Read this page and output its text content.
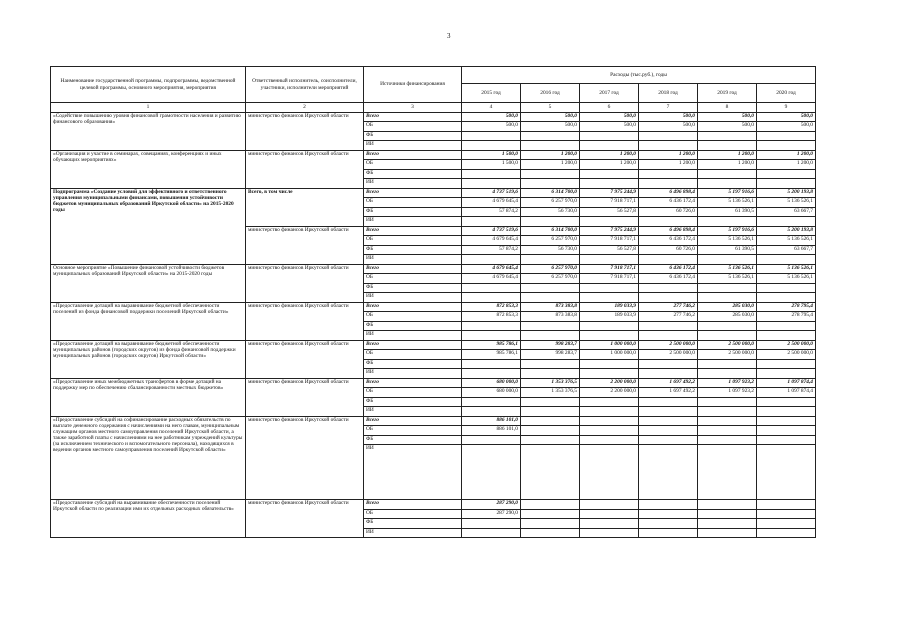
3
Наименование государственной программы, подпрограммы, ведомственной целевой программы, основного мероприятия, мероприятия	Ответственный исполнитель, соисполнители, участники, исполнители мероприятий	Источники финансирования	Расходы (тыс.руб.), годы					
			2015 год	2016 год	2017 год	2018 год	2019 год	2020 год
1	2	3	4	5	6	7	8	9
«Содействие повышению уровня финансовой грамотности населения и развитию финансового образования»	министерство финансов Иркутской области	Всего	500,0	500,0	500,0	500,0	500,0	500,0
		ОБ	500,0	500,0	500,0	500,0	500,0	500,0
		ФБ						
		ИИ						
«Организация и участие в семинарах, совещаниях, конференциях и иных обучающих мероприятиях»	министерство финансов Иркутской области	Всего	1 500,0	1 200,0	1 200,0	1 200,0	1 200,0	1 200,0
		ОБ	1 500,0	1 200,0	1 200,0	1 200,0	1 200,0	1 200,0
		ФБ						
		ИИ						
Подпрограмма «Создание условий для эффективного и ответственного управления муниципальными финансами, повышения устойчивости бюджетов муниципальных образований Иркутской области» на 2015-2020 годы	Всего, в том числе	Всего	4 737 519,6	6 314 700,0	7 975 244,9	6 496 898,4	5 197 916,6	5 200 193,8
		ОБ	4 679 645,4	6 257 970,0	7 918 717,1	6 436 172,4	5 136 526,1	5 136 526,1
		ФБ	57 874,2	56 730,0	56 527,8	60 726,0	61 390,5	63 667,7
		ИИ						
	министерство финансов Иркутской области	Всего	4 737 519,6	6 314 700,0	7 975 244,9	6 496 898,4	5 197 916,6	5 200 193,8
		ОБ	4 679 645,4	6 257 970,0	7 918 717,1	6 436 172,4	5 136 526,1	5 136 526,1
		ФБ	57 874,2	56 730,0	56 527,8	60 726,0	61 390,5	63 667,7
		ИИ						
Основное мероприятие «Повышение финансовой устойчивости бюджетов муниципальных образований Иркутской области» на 2015-2020 годы	министерство финансов Иркутской области	Всего	4 679 645,4	6 257 970,0	7 918 717,1	6 436 172,4	5 136 526,1	5 136 526,1
		ОБ	4 679 645,4	6 257 970,0	7 918 717,1	6 436 172,4	5 136 526,1	5 136 526,1
		ФБ						
		ИИ						
«Предоставление дотаций на выравнивание бюджетной обеспеченности поселений из фонда финансовой поддержки поселений Иркутской области»	министерство финансов Иркутской области	Всего	872 853,3	873 383,8	189 033,9	277 746,2	285 030,0	278 795,4
		ОБ	872 853,3	873 383,8	189 033,9	277 746,2	285 030,0	278 795,4
		ФБ						
		ИИ						
«Предоставление дотаций на выравнивание бюджетной обеспеченности муниципальных районов (городских округов) из фонда финансовой поддержки муниципальных районов (городских округов) Иркутской области»	министерство финансов Иркутской области	Всего	985 786,1	998 283,7	1 000 000,0	2 500 000,0	2 500 000,0	2 500 000,0
		ОБ	985 786,1	998 283,7	1 000 000,0	2 500 000,0	2 500 000,0	2 500 000,0
		ФБ						
		ИИ						
«Предоставление иных межбюджетных трансфертов в форме дотаций на поддержку мер по обеспечению сбалансированности местных бюджетов»	министерство финансов Иркутской области	Всего	680 000,0	1 353 376,5	2 200 000,0	1 697 492,2	1 097 923,2	1 097 874,4
		ОБ	680 000,0	1 353 376,5	2 200 000,0	1 697 492,2	1 097 923,2	1 097 874,4
		ФБ						
		ИИ						
«Предоставление субсидий на софинансирование расходных обязательств по выплате денежного содержания с начислениями на него главам, муниципальным служащим органов местного самоуправления поселений Иркутской области, а также заработной платы с начислениями на нее работникам учреждений культуры (за исключением технического и вспомогательного персонала), находящихся в ведении органов местного самоуправления поселений Иркутской области»	министерство финансов Иркутской области	Всего	886 101,0					
		ОБ	886 101,0					
		ФБ						
		ИИ						
«Предоставление субсидий на выравнивание обеспеченности поселений Иркутской области по реализации ими их отдельных расходных обязательств»	министерство финансов Иркутской области	Всего	287 290,0					
		ОБ	287 290,0					
		ФБ						
		ИИ						
